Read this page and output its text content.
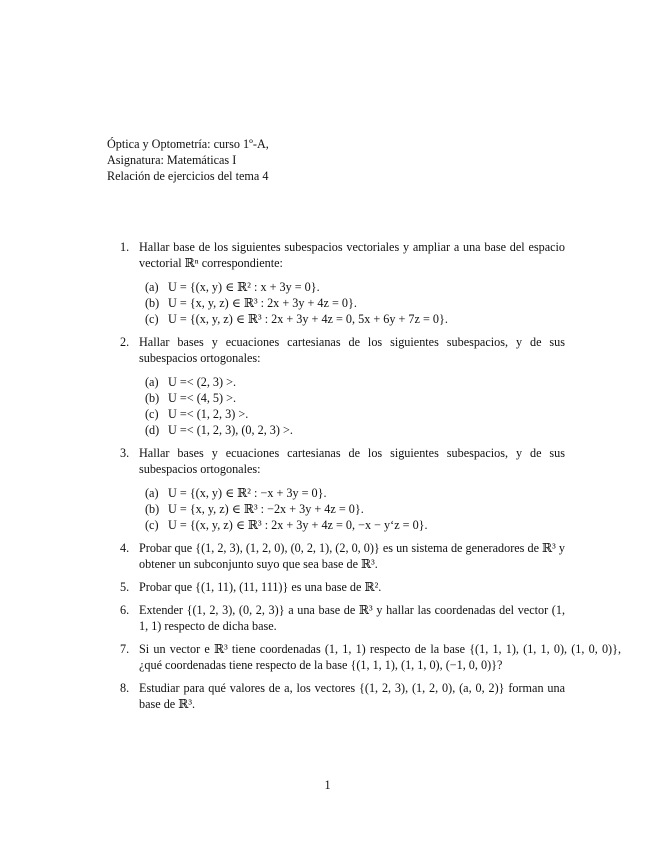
Óptica y Optometría: curso 1º-A,
Asignatura: Matemáticas I
Relación de ejercicios del tema 4
1. Hallar base de los siguientes subespacios vectoriales y ampliar a una base del espacio vectorial ℝⁿ correspondiente:
(a) U = {(x, y) ∈ ℝ² : x + 3y = 0}.
(b) U = {x, y, z) ∈ ℝ³ : 2x + 3y + 4z = 0}.
(c) U = {(x, y, z) ∈ ℝ³ : 2x + 3y + 4z = 0, 5x + 6y + 7z = 0}.
2. Hallar bases y ecuaciones cartesianas de los siguientes subespacios, y de sus subespacios ortogonales:
(a) U =< (2, 3) >.
(b) U =< (4, 5) >.
(c) U =< (1, 2, 3) >.
(d) U =< (1, 2, 3), (0, 2, 3) >.
3. Hallar bases y ecuaciones cartesianas de los siguientes subespacios, y de sus subespacios ortogonales:
(a) U = {(x, y) ∈ ℝ² : −x + 3y = 0}.
(b) U = {x, y, z) ∈ ℝ³ : −2x + 3y + 4z = 0}.
(c) U = {(x, y, z) ∈ ℝ³ : 2x + 3y + 4z = 0, −x − y‘z = 0}.
4. Probar que {(1, 2, 3), (1, 2, 0), (0, 2, 1), (2, 0, 0)} es un sistema de generadores de ℝ³ y obtener un subconjunto suyo que sea base de ℝ³.
5. Probar que {(1, 11), (11, 111)} es una base de ℝ².
6. Extender {(1, 2, 3), (0, 2, 3)} a una base de ℝ³ y hallar las coordenadas del vector (1, 1, 1) respecto de dicha base.
7. Si un vector e ℝ³ tiene coordenadas (1, 1, 1) respecto de la base {(1, 1, 1), (1, 1, 0), (1, 0, 0)}, ¿qué coordenadas tiene respecto de la base {(1, 1, 1), (1, 1, 0), (−1, 0, 0)}?
8. Estudiar para qué valores de a, los vectores {(1, 2, 3), (1, 2, 0), (a, 0, 2)} forman una base de ℝ³.
1
